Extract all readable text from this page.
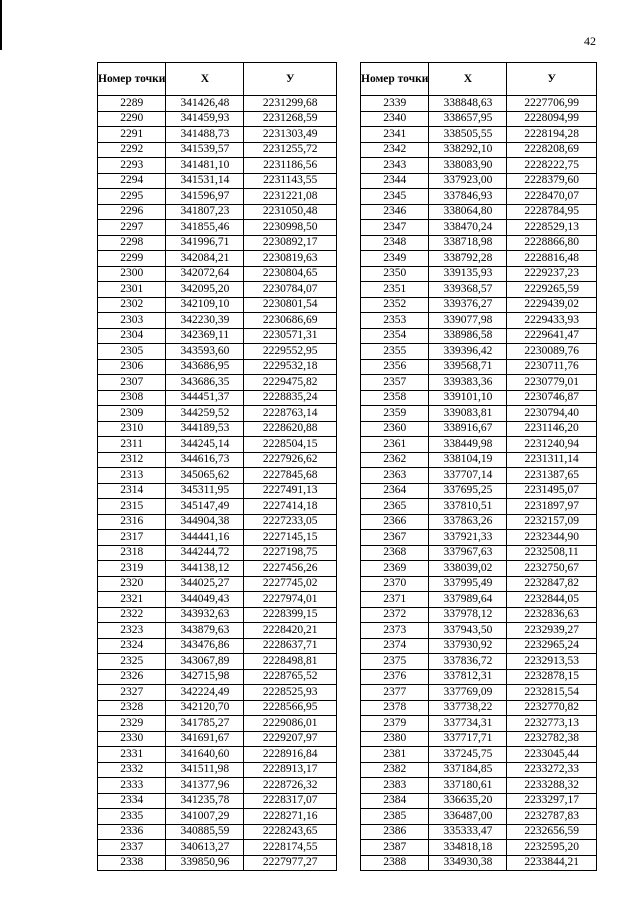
42
Номер точки	X	У
2289	341426,48	2231299,68
2290	341459,93	2231268,59
2291	341488,73	2231303,49
2292	341539,57	2231255,72
2293	341481,10	2231186,56
2294	341531,14	2231143,55
2295	341596,97	2231221,08
2296	341807,23	2231050,48
2297	341855,46	2230998,50
2298	341996,71	2230892,17
2299	342084,21	2230819,63
2300	342072,64	2230804,65
2301	342095,20	2230784,07
2302	342109,10	2230801,54
2303	342230,39	2230686,69
2304	342369,11	2230571,31
2305	343593,60	2229552,95
2306	343686,95	2229532,18
2307	343686,35	2229475,82
2308	344451,37	2228835,24
2309	344259,52	2228763,14
2310	344189,53	2228620,88
2311	344245,14	2228504,15
2312	344616,73	2227926,62
2313	345065,62	2227845,68
2314	345311,95	2227491,13
2315	345147,49	2227414,18
2316	344904,38	2227233,05
2317	344441,16	2227145,15
2318	344244,72	2227198,75
2319	344138,12	2227456,26
2320	344025,27	2227745,02
2321	344049,43	2227974,01
2322	343932,63	2228399,15
2323	343879,63	2228420,21
2324	343476,86	2228637,71
2325	343067,89	2228498,81
2326	342715,98	2228765,52
2327	342224,49	2228525,93
2328	342120,70	2228566,95
2329	341785,27	2229086,01
2330	341691,67	2229207,97
2331	341640,60	2228916,84
2332	341511,98	2228913,17
2333	341377,96	2228726,32
2334	341235,78	2228317,07
2335	341007,29	2228271,16
2336	340885,59	2228243,65
2337	340613,27	2228174,55
2338	339850,96	2227977,27
Номер точки	X	У
2339	338848,63	2227706,99
2340	338657,95	2228094,99
2341	338505,55	2228194,28
2342	338292,10	2228208,69
2343	338083,90	2228222,75
2344	337923,00	2228379,60
2345	337846,93	2228470,07
2346	338064,80	2228784,95
2347	338470,24	2228529,13
2348	338718,98	2228866,80
2349	338792,28	2228816,48
2350	339135,93	2229237,23
2351	339368,57	2229265,59
2352	339376,27	2229439,02
2353	339077,98	2229433,93
2354	338986,58	2229641,47
2355	339396,42	2230089,76
2356	339568,71	2230711,76
2357	339383,36	2230779,01
2358	339101,10	2230746,87
2359	339083,81	2230794,40
2360	338916,67	2231146,20
2361	338449,98	2231240,94
2362	338104,19	2231311,14
2363	337707,14	2231387,65
2364	337695,25	2231495,07
2365	337810,51	2231897,97
2366	337863,26	2232157,09
2367	337921,33	2232344,90
2368	337967,63	2232508,11
2369	338039,02	2232750,67
2370	337995,49	2232847,82
2371	337989,64	2232844,05
2372	337978,12	2232836,63
2373	337943,50	2232939,27
2374	337930,92	2232965,24
2375	337836,72	2232913,53
2376	337812,31	2232878,15
2377	337769,09	2232815,54
2378	337738,22	2232770,82
2379	337734,31	2232773,13
2380	337717,71	2232782,38
2381	337245,75	2233045,44
2382	337184,85	2233272,33
2383	337180,61	2233288,32
2384	336635,20	2233297,17
2385	336487,00	2232787,83
2386	335333,47	2232656,59
2387	334818,18	2232595,20
2388	334930,38	2233844,21
